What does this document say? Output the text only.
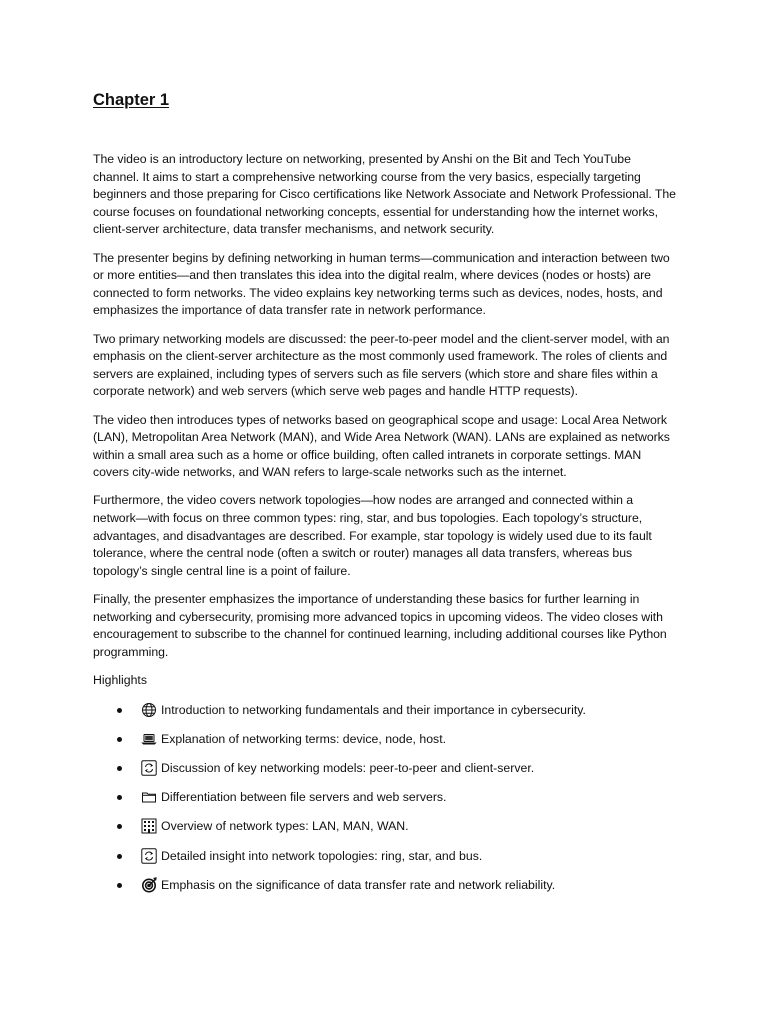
Chapter 1

The video is an introductory lecture on networking, presented by Anshi on the Bit and Tech YouTube channel. It aims to start a comprehensive networking course from the very basics, especially targeting beginners and those preparing for Cisco certifications like Network Associate and Network Professional. The course focuses on foundational networking concepts, essential for understanding how the internet works, client-server architecture, data transfer mechanisms, and network security.

The presenter begins by defining networking in human terms—communication and interaction between two or more entities—and then translates this idea into the digital realm, where devices (nodes or hosts) are connected to form networks. The video explains key networking terms such as devices, nodes, hosts, and emphasizes the importance of data transfer rate in network performance.

Two primary networking models are discussed: the peer-to-peer model and the client-server model, with an emphasis on the client-server architecture as the most commonly used framework. The roles of clients and servers are explained, including types of servers such as file servers (which store and share files within a corporate network) and web servers (which serve web pages and handle HTTP requests).

The video then introduces types of networks based on geographical scope and usage: Local Area Network (LAN), Metropolitan Area Network (MAN), and Wide Area Network (WAN). LANs are explained as networks within a small area such as a home or office building, often called intranets in corporate settings. MAN covers city-wide networks, and WAN refers to large-scale networks such as the internet.

Furthermore, the video covers network topologies—how nodes are arranged and connected within a network—with focus on three common types: ring, star, and bus topologies. Each topology’s structure, advantages, and disadvantages are described. For example, star topology is widely used due to its fault tolerance, where the central node (often a switch or router) manages all data transfers, whereas bus topology’s single central line is a point of failure.

Finally, the presenter emphasizes the importance of understanding these basics for further learning in networking and cybersecurity, promising more advanced topics in upcoming videos. The video closes with encouragement to subscribe to the channel for continued learning, including additional courses like Python programming.

Highlights

Introduction to networking fundamentals and their importance in cybersecurity.
Explanation of networking terms: device, node, host.
Discussion of key networking models: peer-to-peer and client-server.
Differentiation between file servers and web servers.
Overview of network types: LAN, MAN, WAN.
Detailed insight into network topologies: ring, star, and bus.
Emphasis on the significance of data transfer rate and network reliability.
